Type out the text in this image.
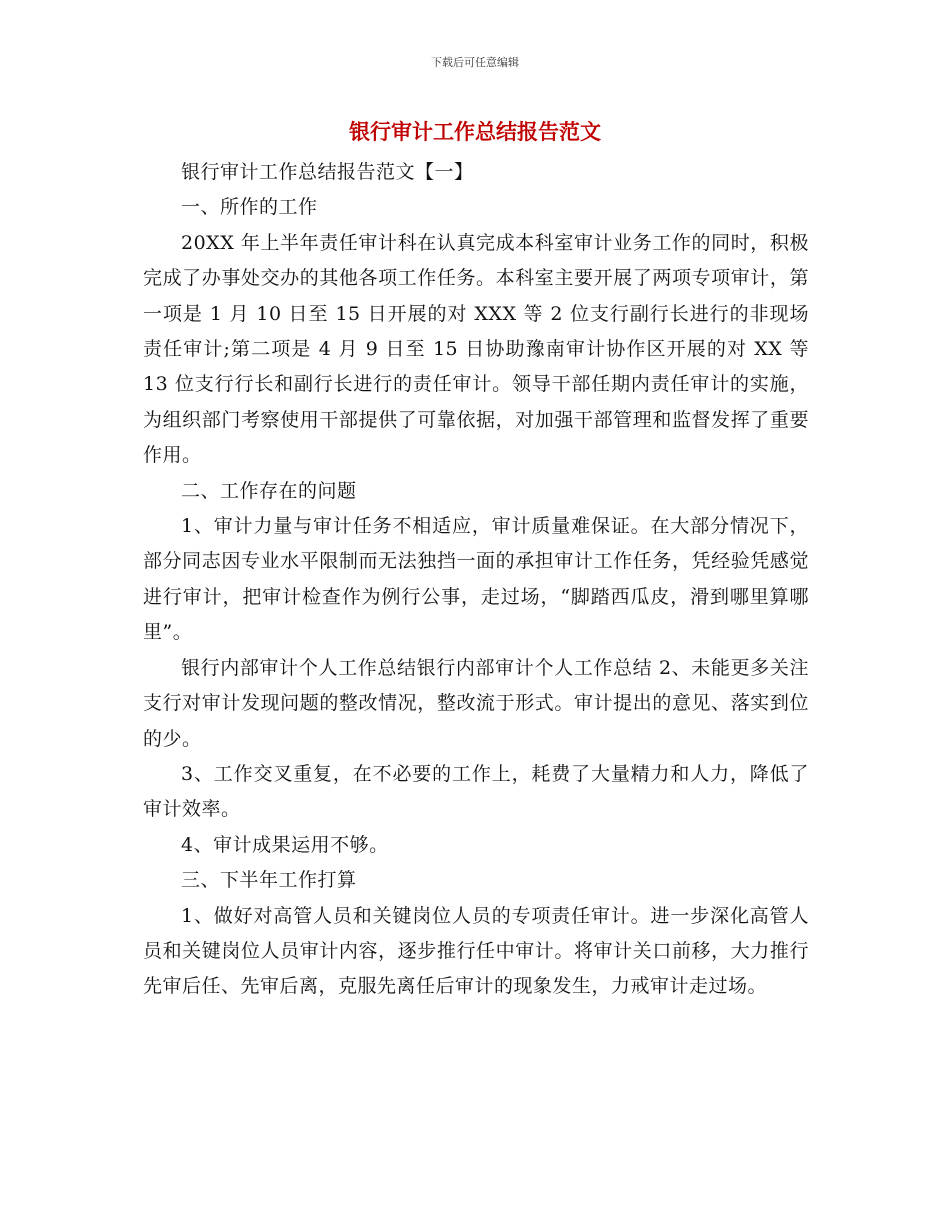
下载后可任意编辑
银行审计工作总结报告范文

银行审计工作总结报告范文【一】

一、所作的工作

20XX 年上半年责任审计科在认真完成本科室审计业务工作的同时，积极完成了办事处交办的其他各项工作任务。本科室主要开展了两项专项审计，第一项是 1 月 10 日至 15 日开展的对 XXX 等 2 位支行副行长进行的非现场责任审计;第二项是 4 月 9 日至 15 日协助豫南审计协作区开展的对 XX 等 13 位支行行长和副行长进行的责任审计。领导干部任期内责任审计的实施，为组织部门考察使用干部提供了可靠依据，对加强干部管理和监督发挥了重要作用。

二、工作存在的问题

1、审计力量与审计任务不相适应，审计质量难保证。在大部分情况下，部分同志因专业水平限制而无法独挡一面的承担审计工作任务，凭经验凭感觉进行审计，把审计检查作为例行公事，走过场，“脚踏西瓜皮，滑到哪里算哪里”。

银行内部审计个人工作总结银行内部审计个人工作总结 2、未能更多关注支行对审计发现问题的整改情况，整改流于形式。审计提出的意见、落实到位的少。

3、工作交叉重复，在不必要的工作上，耗费了大量精力和人力，降低了审计效率。

4、审计成果运用不够。

三、下半年工作打算

1、做好对高管人员和关键岗位人员的专项责任审计。进一步深化高管人员和关键岗位人员审计内容，逐步推行任中审计。将审计关口前移，大力推行先审后任、先审后离，克服先离任后审计的现象发生，力戒审计走过场。
